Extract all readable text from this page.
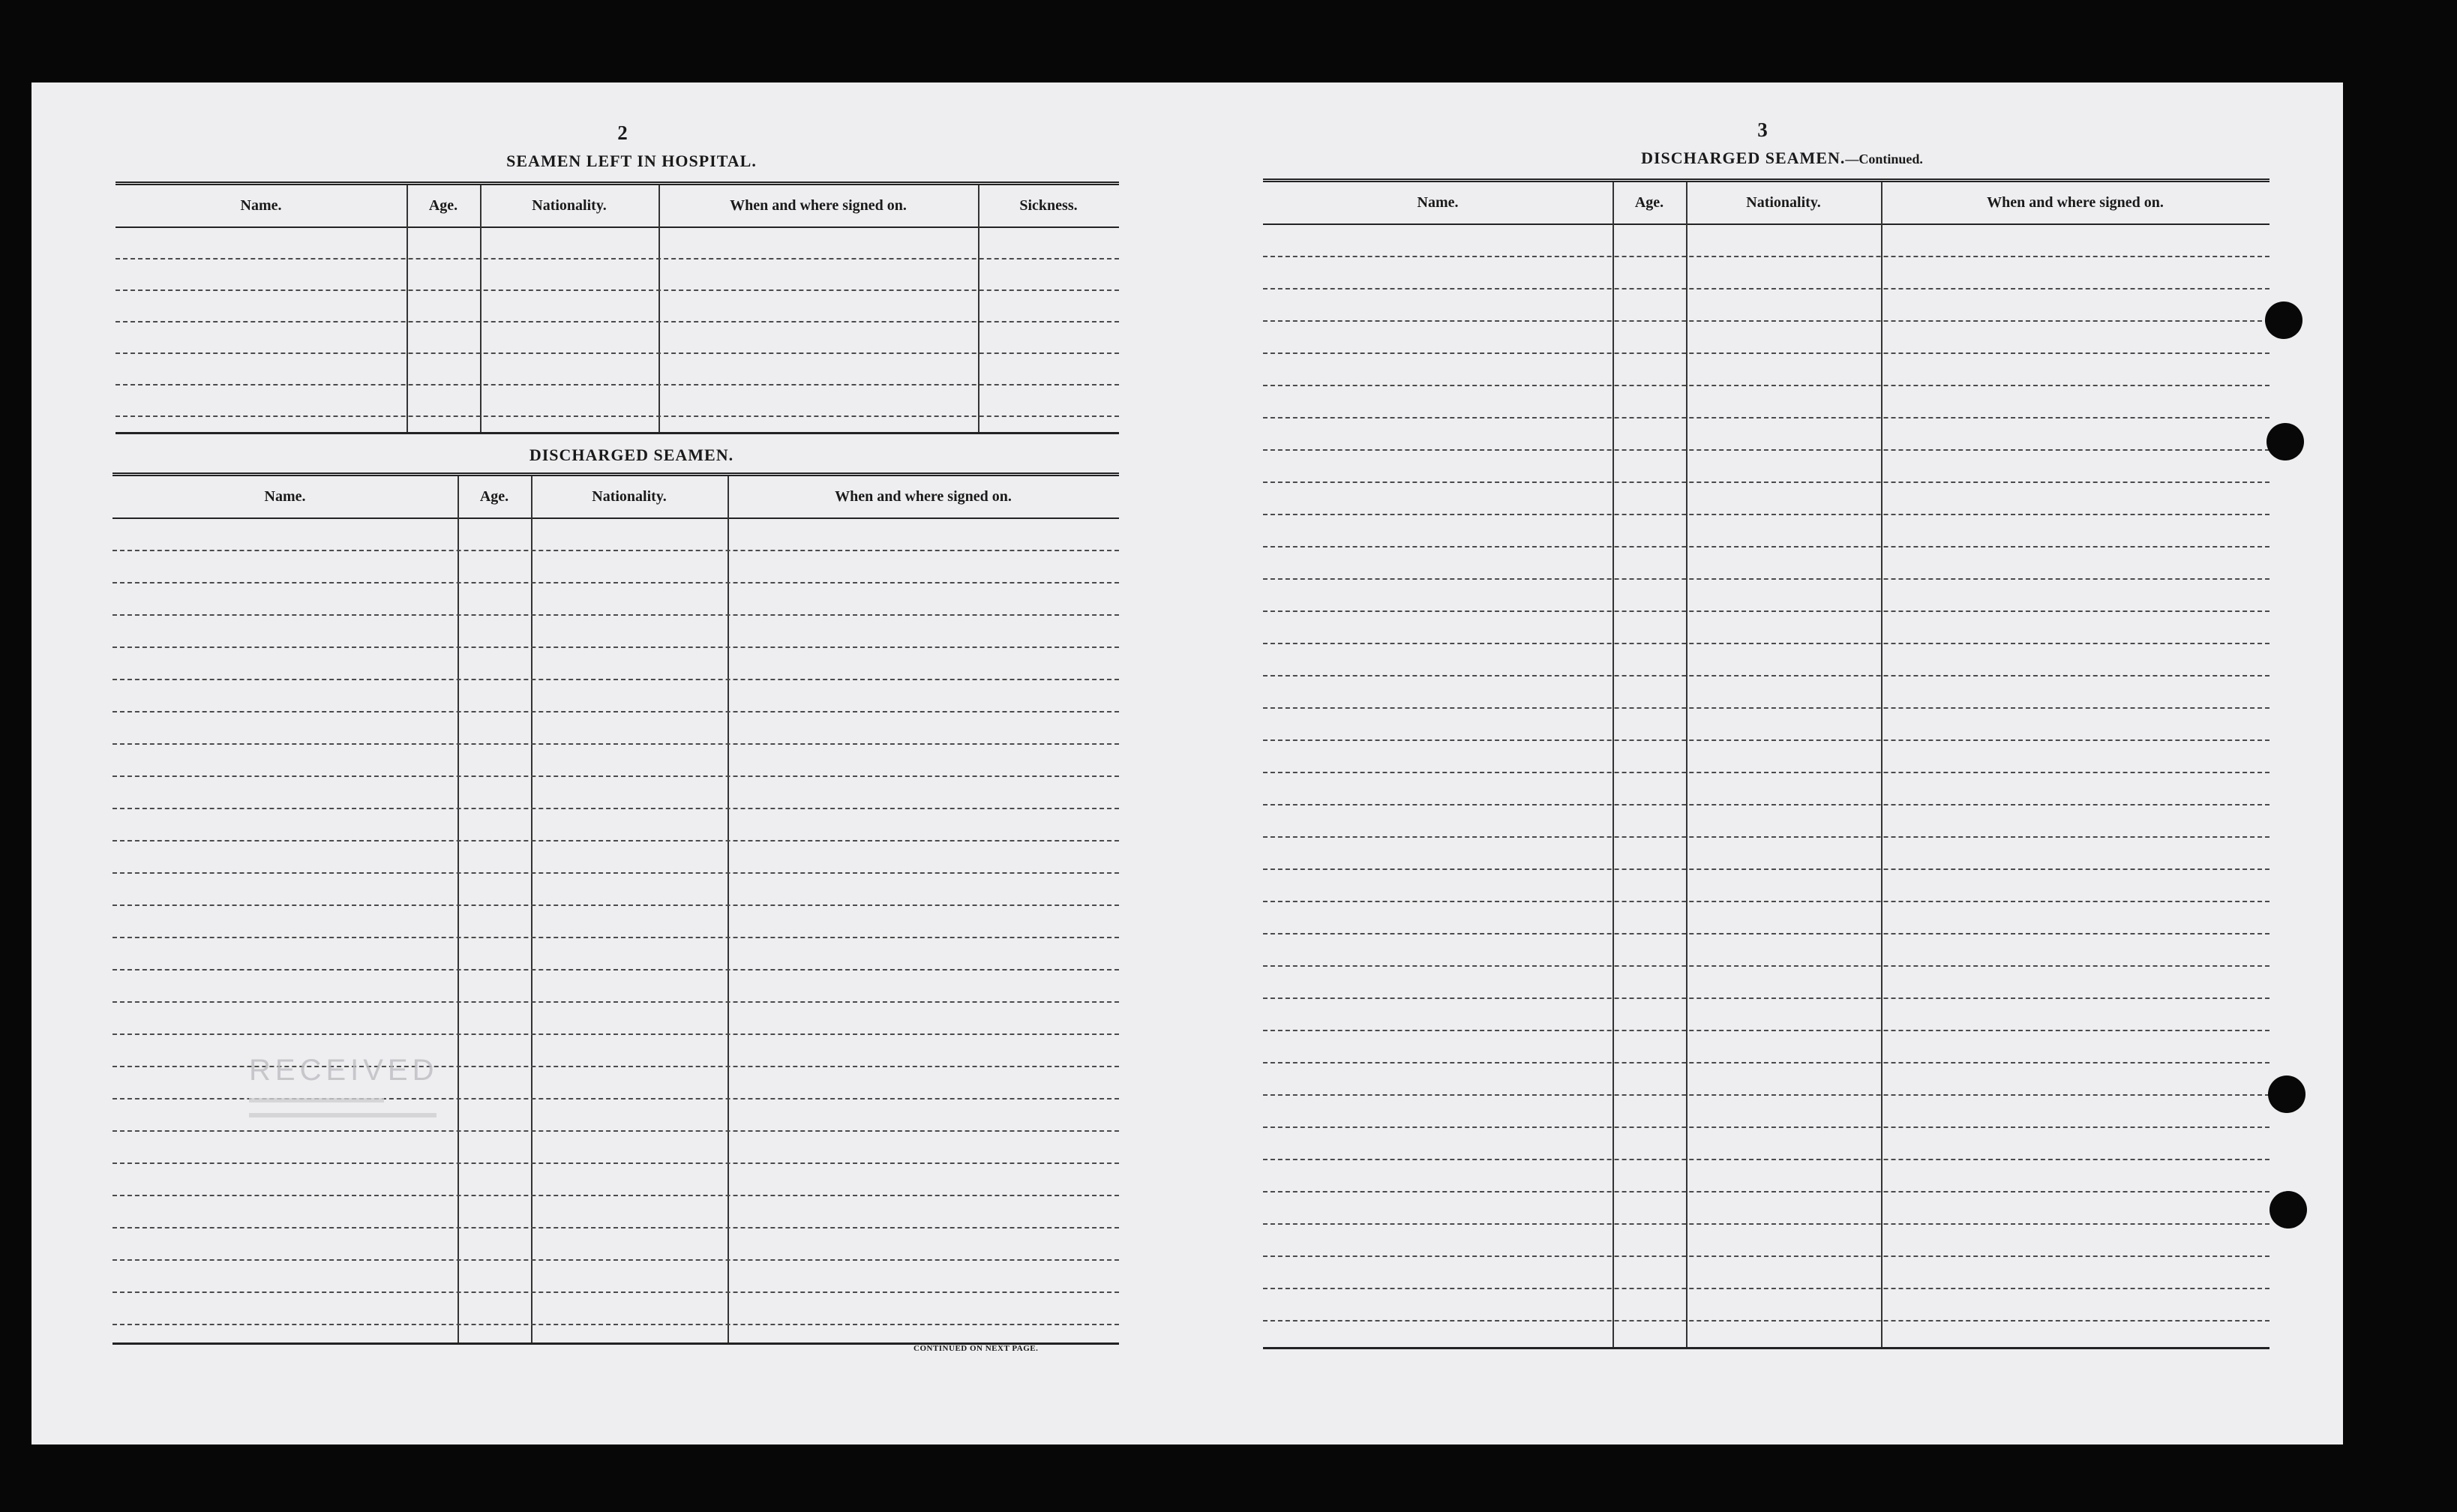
2
SEAMEN LEFT IN HOSPITAL.
Name.	Age.	Nationality.	When and where signed on.	Sickness.
DISCHARGED SEAMEN.
Name.	Age.	Nationality.	When and where signed on.
CONTINUED ON NEXT PAGE.
RECEIVED
3
DISCHARGED SEAMEN.—Continued.
Name.	Age.	Nationality.	When and where signed on.
